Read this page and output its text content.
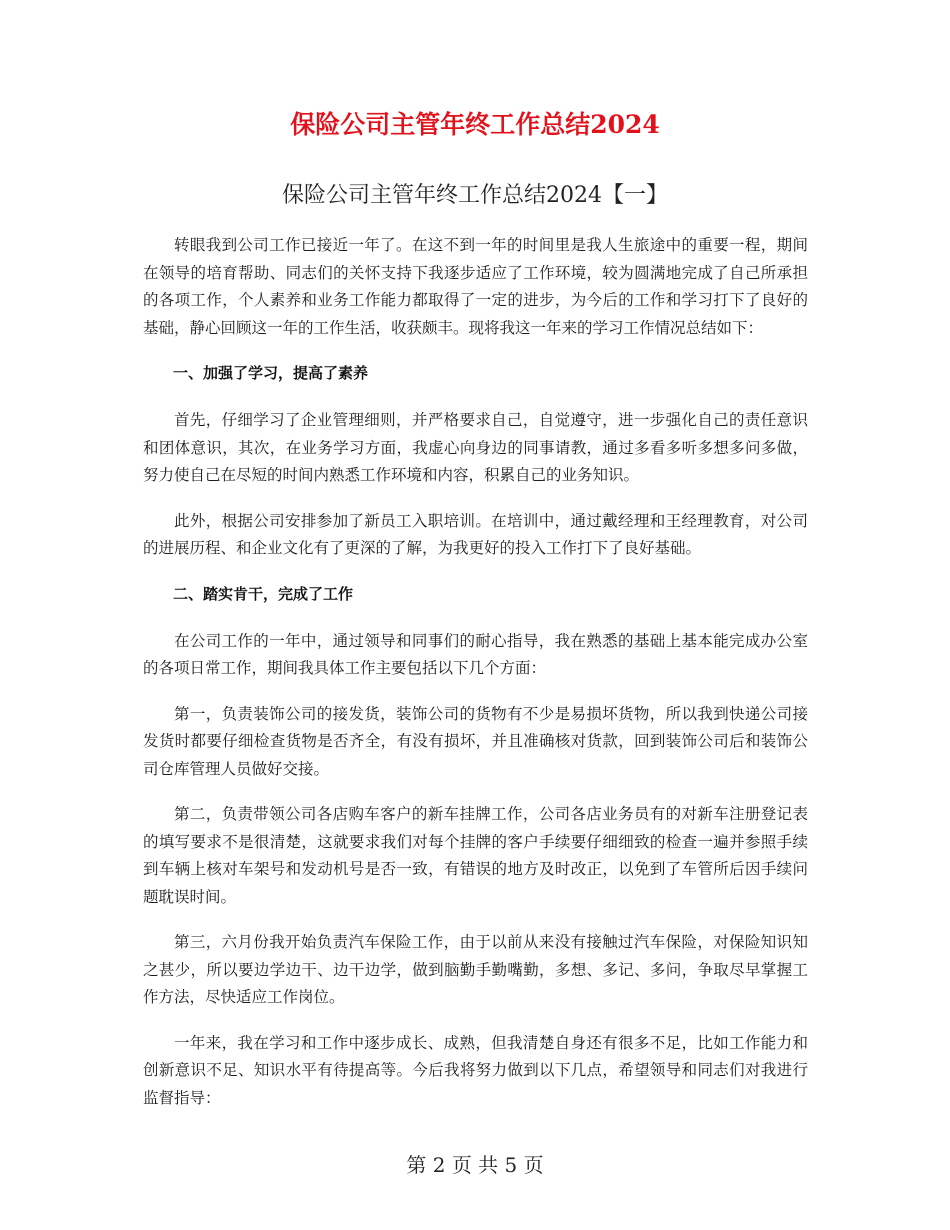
保险公司主管年终工作总结2024
保险公司主管年终工作总结2024【一】

转眼我到公司工作已接近一年了。在这不到一年的时间里是我人生旅途中的重要一程，期间在领导的培育帮助、同志们的关怀支持下我逐步适应了工作环境，较为圆满地完成了自己所承担的各项工作，个人素养和业务工作能力都取得了一定的进步，为今后的工作和学习打下了良好的基础，静心回顾这一年的工作生活，收获颇丰。现将我这一年来的学习工作情况总结如下：

一、加强了学习，提高了素养

首先，仔细学习了企业管理细则，并严格要求自己，自觉遵守，进一步强化自己的责任意识和团体意识，其次，在业务学习方面，我虚心向身边的同事请教，通过多看多听多想多问多做，努力使自己在尽短的时间内熟悉工作环境和内容，积累自己的业务知识。

此外，根据公司安排参加了新员工入职培训。在培训中，通过戴经理和王经理教育，对公司的进展历程、和企业文化有了更深的了解，为我更好的投入工作打下了良好基础。

二、踏实肯干，完成了工作

在公司工作的一年中，通过领导和同事们的耐心指导，我在熟悉的基础上基本能完成办公室的各项日常工作，期间我具体工作主要包括以下几个方面：

第一，负责装饰公司的接发货，装饰公司的货物有不少是易损坏货物，所以我到快递公司接发货时都要仔细检查货物是否齐全，有没有损坏，并且准确核对货款，回到装饰公司后和装饰公司仓库管理人员做好交接。

第二，负责带领公司各店购车客户的新车挂牌工作，公司各店业务员有的对新车注册登记表的填写要求不是很清楚，这就要求我们对每个挂牌的客户手续要仔细细致的检查一遍并参照手续到车辆上核对车架号和发动机号是否一致，有错误的地方及时改正，以免到了车管所后因手续问题耽误时间。

第三，六月份我开始负责汽车保险工作，由于以前从来没有接触过汽车保险，对保险知识知之甚少，所以要边学边干、边干边学，做到脑勤手勤嘴勤，多想、多记、多问，争取尽早掌握工作方法，尽快适应工作岗位。

一年来，我在学习和工作中逐步成长、成熟，但我清楚自身还有很多不足，比如工作能力和创新意识不足、知识水平有待提高等。今后我将努力做到以下几点，希望领导和同志们对我进行监督指导：

第 2 页 共 5 页
